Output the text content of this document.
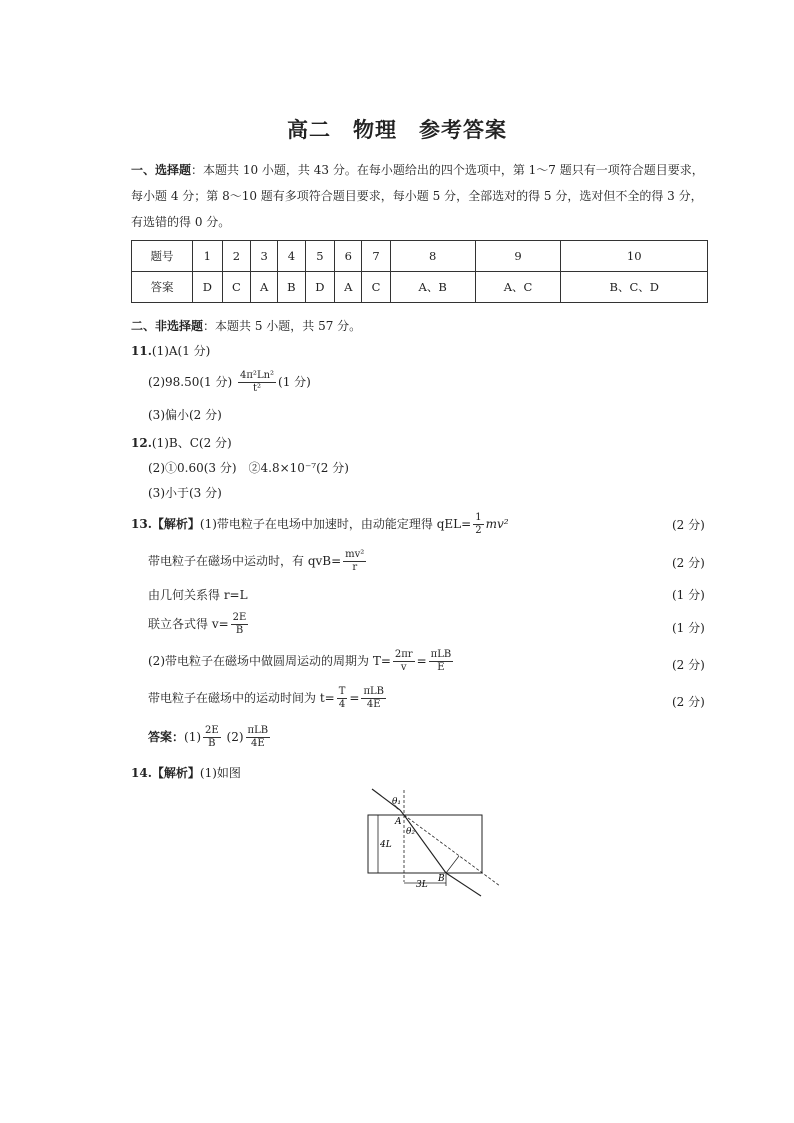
高二　物理　参考答案
一、选择题：本题共 10 小题，共 43 分。在每小题给出的四个选项中，第 1～7 题只有一项符合题目要求，每小题 4 分；第 8～10 题有多项符合题目要求，每小题 5 分，全部选对的得 5 分，选对但不全的得 3 分，有选错的得 0 分。
题号	1	2	3	4	5	6	7	8	9	10
答案	D	C	A	B	D	A	C	A、B	A、C	B、C、D
二、非选择题：本题共 5 小题，共 57 分。
11.(1)A(1 分)
(2)98.50(1 分) $\frac{\text{4π²Ln²}}{\text{t²}} (1$ 分)
(3)偏小(2 分)
12.(1)B、C(2 分)
(2)①0.60(3 分)　②4.8×10⁻⁷(2 分)
(3)小于(3 分)
13.【解析】(1)带电粒子在电场中加速时，由动能定理得 $qEL= \frac{1}{2} mv^2$	(2 分)
带电粒子在磁场中运动时，有 $qvB= \frac{\text{mv²}}{r}$	(2 分)
由几何关系得 r=L	(1 分)
联立各式得 $v= \frac{2E}{B}$	(1 分)
(2)带电粒子在磁场中做圆周运动的周期为 $T= \frac{2\pi r}{v} = \frac{\text{πLB}}{E}$	(2 分)
带电粒子在磁场中的运动时间为 $t= \frac{T}{4} = \frac{\text{πLB}}{4E}$	(2 分)
答案：$(1) \frac{2E}{B} (2) \frac{\text{πLB}}{4E}$
14.【解析】(1)如图
θ₁
θ₂
A
B
4L
3L
